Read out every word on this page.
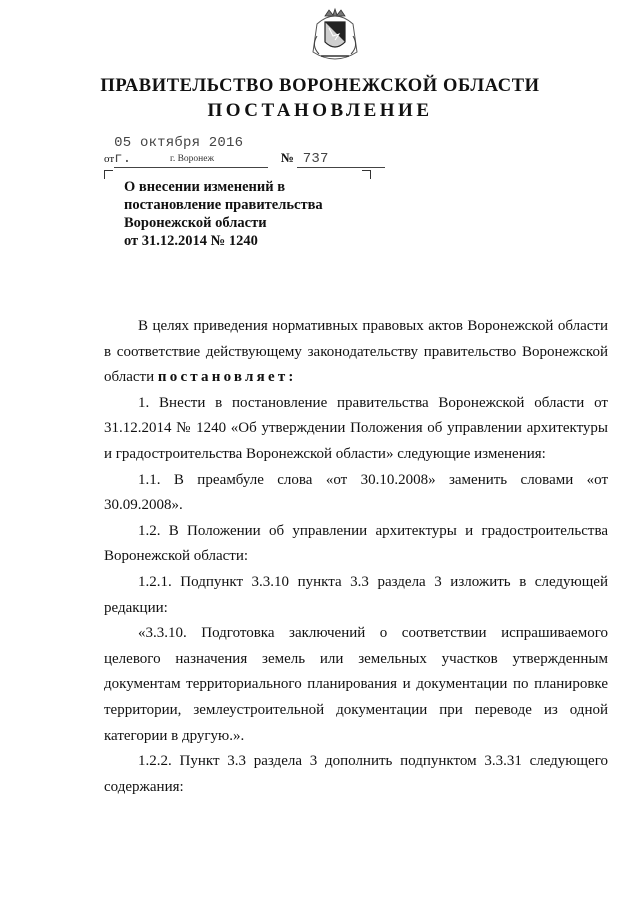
ПРАВИТЕЛЬСТВО ВОРОНЕЖСКОЙ ОБЛАСТИ
ПОСТАНОВЛЕНИЕ
от05 октября 2016 г.	№ 737
г. Воронеж
О внесении изменений в
постановление правительства
Воронежской области
от 31.12.2014 № 1240

В целях приведения нормативных правовых актов Воронежской области в соответствие действующему законодательству правительство Воронежской области постановляет:

1. Внести в постановление правительства Воронежской области от 31.12.2014 № 1240 «Об утверждении Положения об управлении архитектуры и градостроительства Воронежской области» следующие изменения:

1.1. В преамбуле слова «от 30.10.2008» заменить словами «от 30.09.2008».

1.2. В Положении об управлении архитектуры и градостроительства Воронежской области:

1.2.1. Подпункт 3.3.10 пункта 3.3 раздела 3 изложить в следующей редакции:

«3.3.10. Подготовка заключений о соответствии испрашиваемого целевого назначения земель или земельных участков утвержденным документам территориального планирования и документации по планировке территории, землеустроительной документации при переводе из одной категории в другую.».

1.2.2. Пункт 3.3 раздела 3 дополнить подпунктом 3.3.31 следующего содержания:
